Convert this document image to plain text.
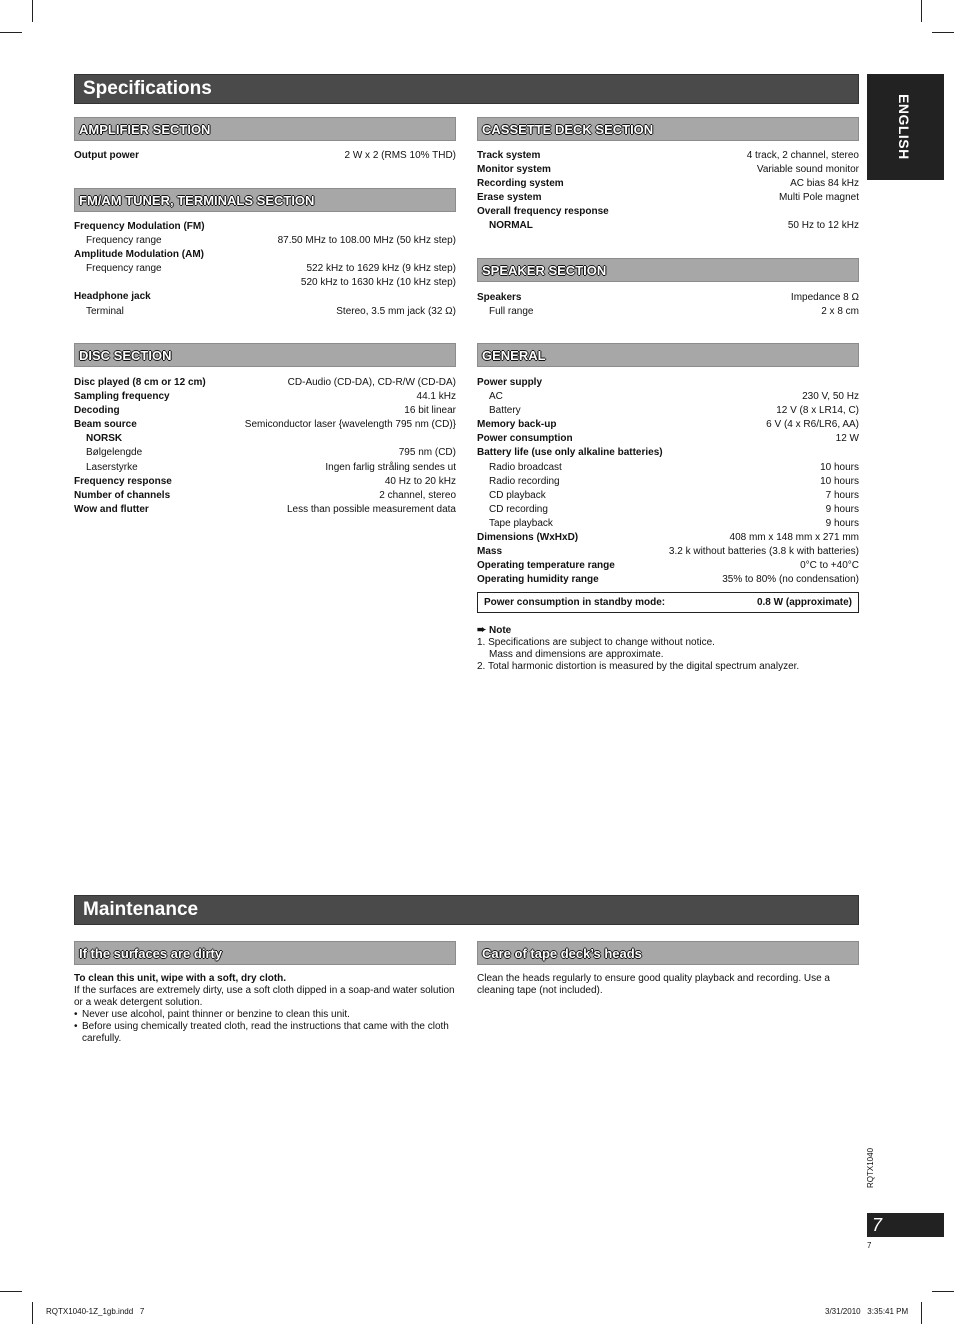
Specifications
ENGLISH
AMPLIFIER SECTION
Output power	2 W x 2 (RMS 10% THD)
FM/AM TUNER, TERMINALS SECTION
Frequency Modulation (FM)
Frequency range	87.50 MHz to 108.00 MHz (50 kHz step)
Amplitude Modulation (AM)
Frequency range	522 kHz to 1629 kHz (9 kHz step)
520 kHz to 1630 kHz (10 kHz step)
Headphone jack
Terminal	Stereo, 3.5 mm jack (32 Ω)
DISC SECTION
Disc played (8 cm or 12 cm)	CD-Audio (CD-DA), CD-R/W (CD-DA)
Sampling frequency	44.1 kHz
Decoding	16 bit linear
Beam source	Semiconductor laser {wavelength 795 nm (CD)}
NORSK
Bølgelengde	795 nm (CD)
Laserstyrke	Ingen farlig stråling sendes ut
Frequency response	40 Hz to 20 kHz
Number of channels	2 channel, stereo
Wow and flutter	Less than possible measurement data
CASSETTE DECK SECTION
Track system	4 track, 2 channel, stereo
Monitor system	Variable sound monitor
Recording system	AC bias 84 kHz
Erase system	Multi Pole magnet
Overall frequency response
NORMAL	50 Hz to 12 kHz
SPEAKER SECTION
Speakers	Impedance 8 Ω
Full range	2 x 8 cm
GENERAL
Power supply
AC	230 V, 50 Hz
Battery	12 V (8 x LR14, C)
Memory back-up	6 V (4 x R6/LR6, AA)
Power consumption	12 W
Battery life (use only alkaline batteries)
Radio broadcast	10 hours
Radio recording	10 hours
CD playback	7 hours
CD recording	9 hours
Tape playback	9 hours
Dimensions (WxHxD)	408 mm x 148 mm x 271 mm
Mass	3.2 k without batteries (3.8 k with batteries)
Operating temperature range	0°C to +40°C
Operating humidity range	35% to 80% (no condensation)
Power consumption in standby mode:	0.8 W (approximate)
➨ Note
1. Specifications are subject to change without notice.
Mass and dimensions are approximate.
2. Total harmonic distortion is measured by the digital spectrum analyzer.
Maintenance
If the surfaces are dirty
To clean this unit, wipe with a soft, dry cloth.
If the surfaces are extremely dirty, use a soft cloth dipped in a soap-and water solution or a weak detergent solution.
• Never use alcohol, paint thinner or benzine to clean this unit.
• Before using chemically treated cloth, read the instructions that came with the cloth carefully.
Care of tape deck’s heads
Clean the heads regularly to ensure good quality playback and recording. Use a cleaning tape (not included).
RQTX1040
7
7
RQTX1040-1Z_1gb.indd   7	3/31/2010   3:35:41 PM
